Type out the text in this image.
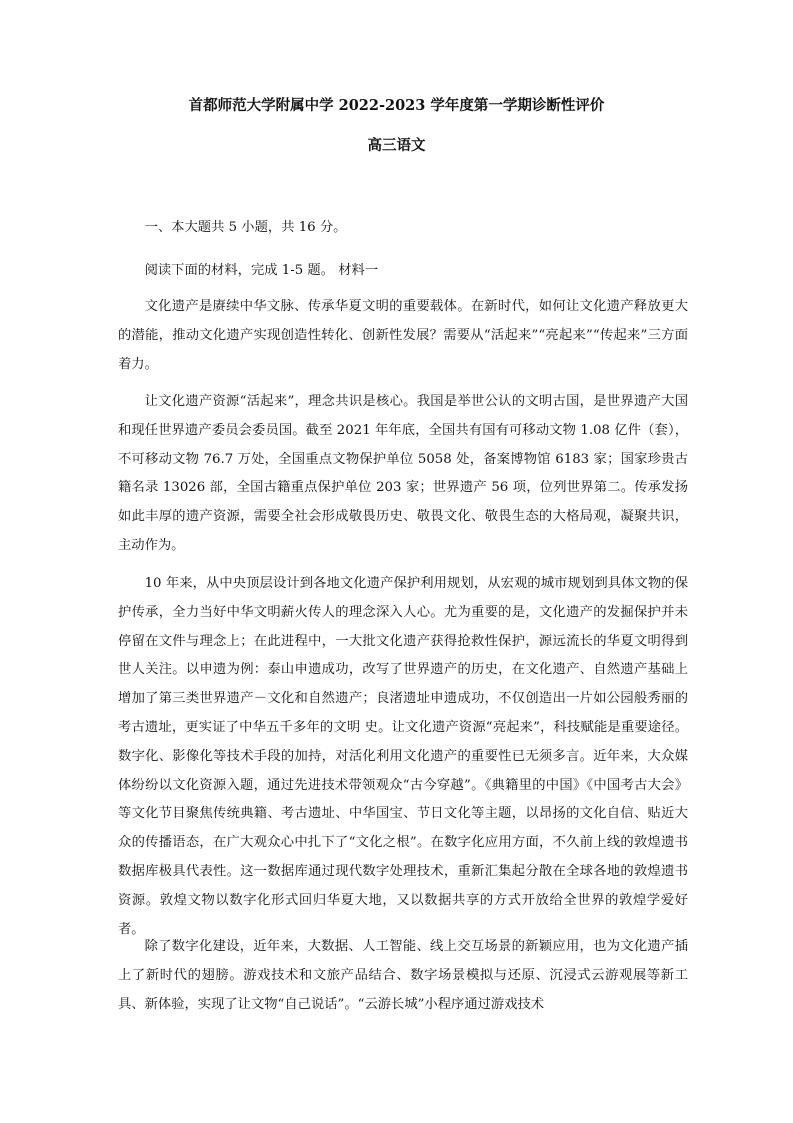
首都师范大学附属中学 2022-2023 学年度第一学期诊断性评价
高三语文

一、本大题共 5 小题，共 16 分。

阅读下面的材料，完成 1-5 题。 材料一

文化遗产是赓续中华文脉、传承华夏文明的重要载体。在新时代，如何让文化遗产释放更大的潜能，推动文化遗产实现创造性转化、创新性发展？需要从“活起来”“亮起来”“传起来”三方面着力。

让文化遗产资源“活起来”，理念共识是核心。我国是举世公认的文明古国，是世界遗产大国和现任世界遗产委员会委员国。截至 2021 年年底，全国共有国有可移动文物 1.08 亿件（套），不可移动文物 76.7 万处，全国重点文物保护单位 5058 处，备案博物馆 6183 家；国家珍贵古籍名录 13026 部，全国古籍重点保护单位 203 家；世界遗产 56 项，位列世界第二。传承发扬如此丰厚的遗产资源，需要全社会形成敬畏历史、敬畏文化、敬畏生态的大格局观，凝聚共识，主动作为。

10 年来，从中央顶层设计到各地文化遗产保护利用规划，从宏观的城市规划到具体文物的保护传承，全力当好中华文明薪火传人的理念深入人心。尤为重要的是，文化遗产的发掘保护并未停留在文件与理念上；在此进程中，一大批文化遗产获得抢救性保护，源远流长的华夏文明得到世人关注。以申遗为例：泰山申遗成功，改写了世界遗产的历史，在文化遗产、自然遗产基础上增加了第三类世界遗产－文化和自然遗产；良渚遗址申遗成功，不仅创造出一片如公园般秀丽的考古遗址，更实证了中华五千多年的文明 史。让文化遗产资源“亮起来”，科技赋能是重要途径。数字化、影像化等技术手段的加持，对活化利用文化遗产的重要性已无须多言。近年来，大众媒体纷纷以文化资源入题，通过先进技术带领观众“古今穿越”。《典籍里的中国》《中国考古大会》等文化节目聚焦传统典籍、考古遗址、中华国宝、节日文化等主题，以昂扬的文化自信、贴近大众的传播语态，在广大观众心中扎下了“文化之根”。在数字化应用方面，不久前上线的敦煌遗书数据库极具代表性。这一数据库通过现代数字处理技术，重新汇集起分散在全球各地的敦煌遗书资源。敦煌文物以数字化形式回归华夏大地，又以数据共享的方式开放给全世界的敦煌学爱好者。

除了数字化建设，近年来，大数据、人工智能、线上交互场景的新颖应用，也为文化遗产插上了新时代的翅膀。游戏技术和文旅产品结合、数字场景模拟与还原、沉浸式云游观展等新工具、新体验，实现了让文物“自己说话”。“云游长城”小程序通过游戏技术
